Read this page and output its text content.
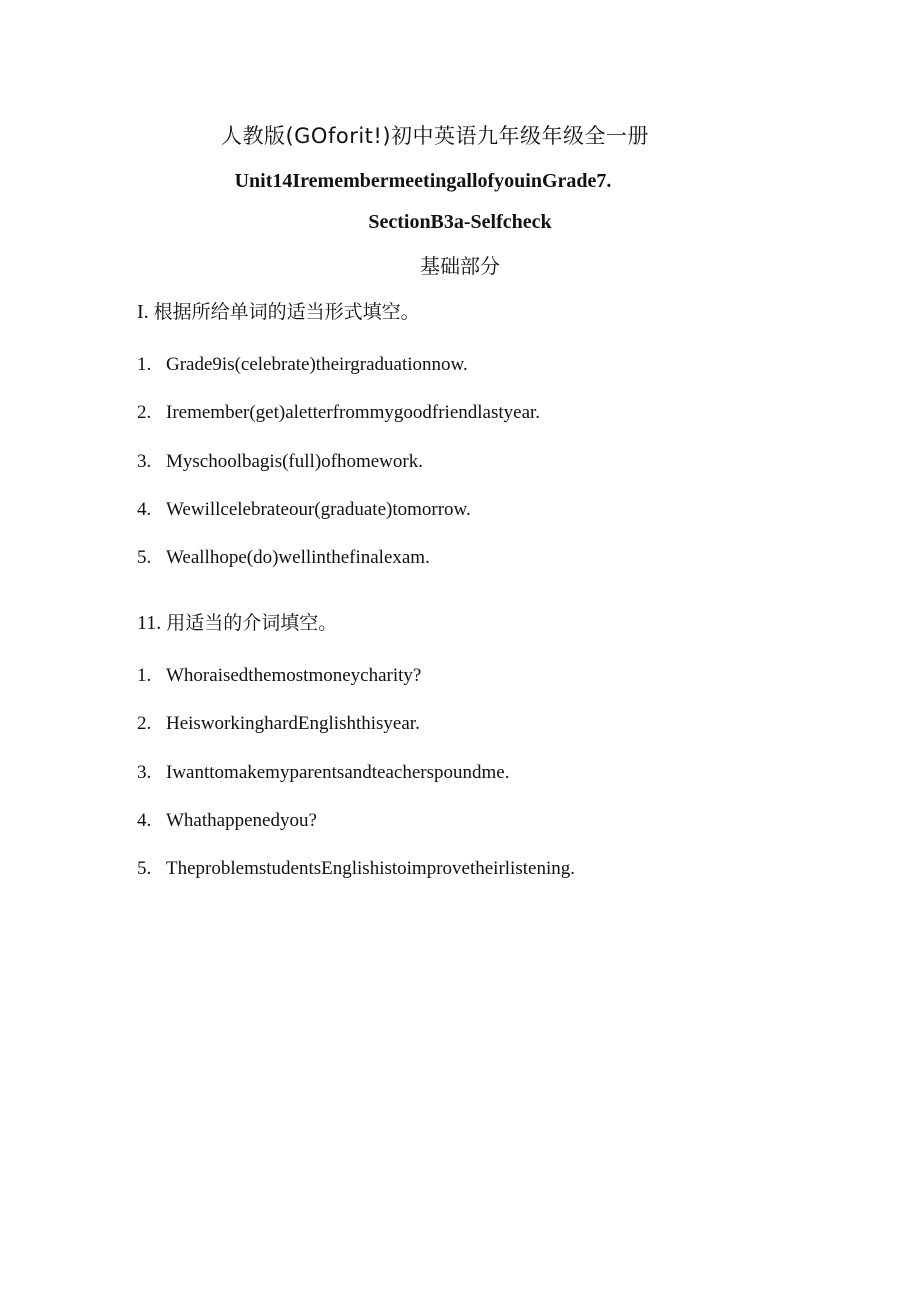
人教版(GOforit!)初中英语九年级年级全一册
Unit14IremembermeetingallofyouinGrade7.
SectionB3a-Selfcheck
基础部分
I. 根据所给单词的适当形式填空。
1. Grade9is(celebrate)theirgraduationnow.
2. Iremember(get)aletterfrommygoodfriendlastyear.
3. Myschoolbagis(full)ofhomework.
4. Wewillcelebrateour(graduate)tomorrow.
5. Weallhope(do)wellinthefinalexam.
11. 用适当的介词填空。
1. Whoraisedthemostmoneycharity?
2. HeisworkinghardEnglishthisyear.
3. Iwanttomakemyparentsandteacherspoundme.
4. Whathappenedyou?
5. TheproblemstudentsEnglishistoimprovetheirlistening.
